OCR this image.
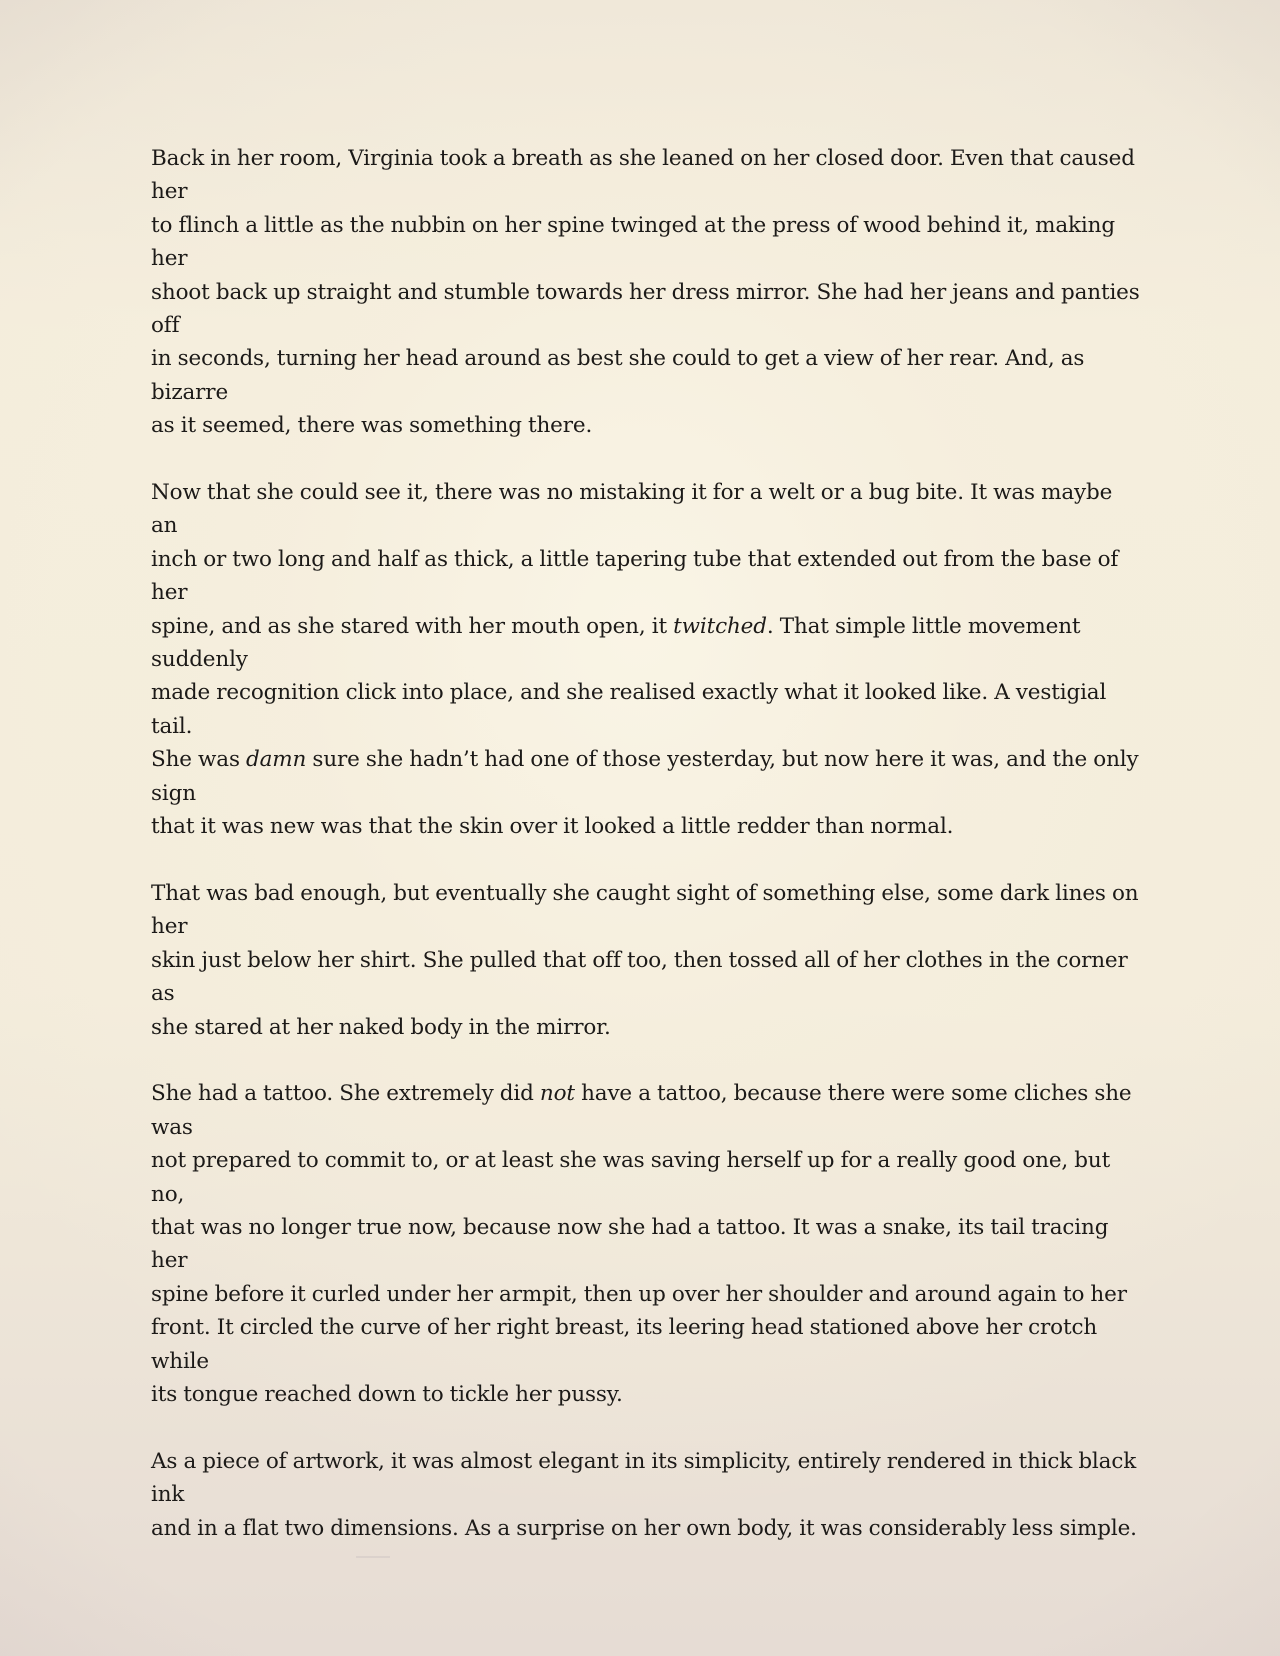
Back in her room, Virginia took a breath as she leaned on her closed door. Even that caused her
to flinch a little as the nubbin on her spine twinged at the press of wood behind it, making her
shoot back up straight and stumble towards her dress mirror. She had her jeans and panties off
in seconds, turning her head around as best she could to get a view of her rear. And, as bizarre
as it seemed, there was something there.

Now that she could see it, there was no mistaking it for a welt or a bug bite. It was maybe an
inch or two long and half as thick, a little tapering tube that extended out from the base of her
spine, and as she stared with her mouth open, it twitched. That simple little movement suddenly
made recognition click into place, and she realised exactly what it looked like. A vestigial tail.
She was damn sure she hadn’t had one of those yesterday, but now here it was, and the only sign
that it was new was that the skin over it looked a little redder than normal.

That was bad enough, but eventually she caught sight of something else, some dark lines on her
skin just below her shirt. She pulled that off too, then tossed all of her clothes in the corner as
she stared at her naked body in the mirror.

She had a tattoo. She extremely did not have a tattoo, because there were some cliches she was
not prepared to commit to, or at least she was saving herself up for a really good one, but no,
that was no longer true now, because now she had a tattoo. It was a snake, its tail tracing her
spine before it curled under her armpit, then up over her shoulder and around again to her
front. It circled the curve of her right breast, its leering head stationed above her crotch while
its tongue reached down to tickle her pussy.

As a piece of artwork, it was almost elegant in its simplicity, entirely rendered in thick black ink
and in a flat two dimensions. As a surprise on her own body, it was considerably less simple.
